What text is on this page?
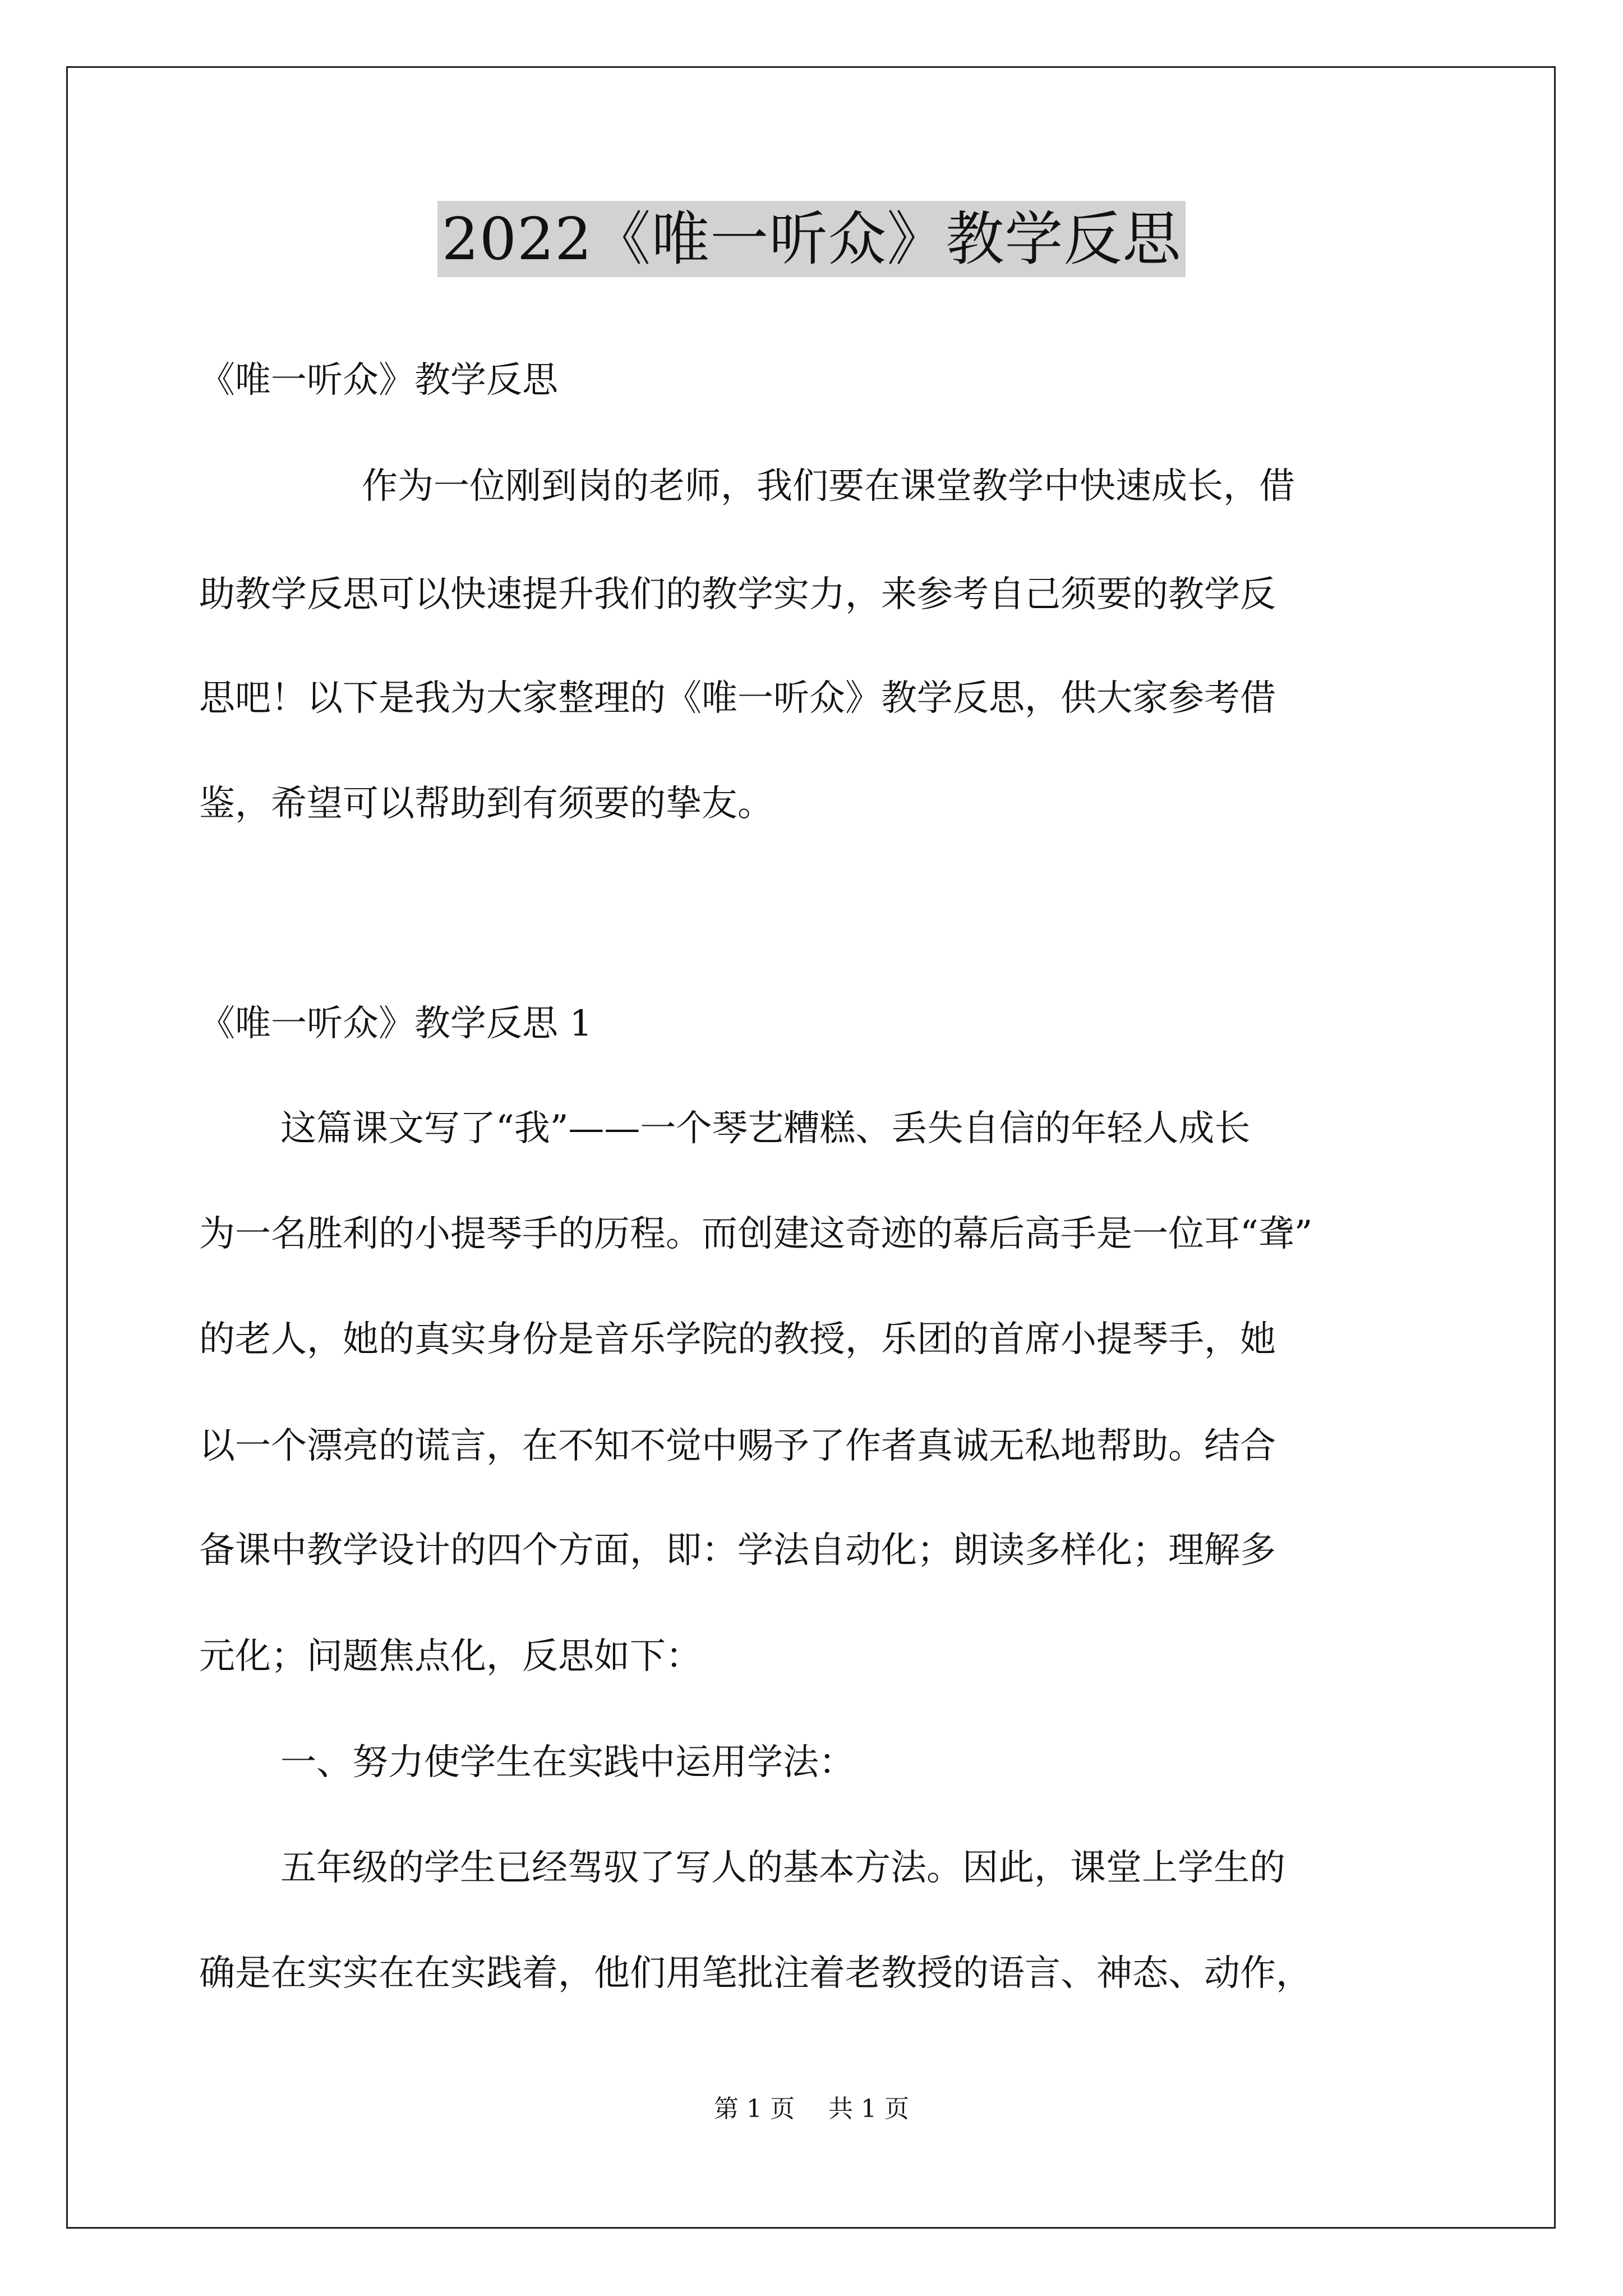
2022《唯一听众》教学反思
《唯一听众》教学反思
作为一位刚到岗的老师，我们要在课堂教学中快速成长，借
助教学反思可以快速提升我们的教学实力，来参考自己须要的教学反
思吧！以下是我为大家整理的《唯一听众》教学反思，供大家参考借
鉴，希望可以帮助到有须要的挚友。
《唯一听众》教学反思 1
这篇课文写了“我”——一个琴艺糟糕、丢失自信的年轻人成长
为一名胜利的小提琴手的历程。而创建这奇迹的幕后高手是一位耳“聋”
的老人，她的真实身份是音乐学院的教授，乐团的首席小提琴手，她
以一个漂亮的谎言，在不知不觉中赐予了作者真诚无私地帮助。结合
备课中教学设计的四个方面，即：学法自动化；朗读多样化；理解多
元化；问题焦点化，反思如下：
一、努力使学生在实践中运用学法：
五年级的学生已经驾驭了写人的基本方法。因此，课堂上学生的
确是在实实在在实践着，他们用笔批注着老教授的语言、神态、动作，
第 1 页 共 1 页
